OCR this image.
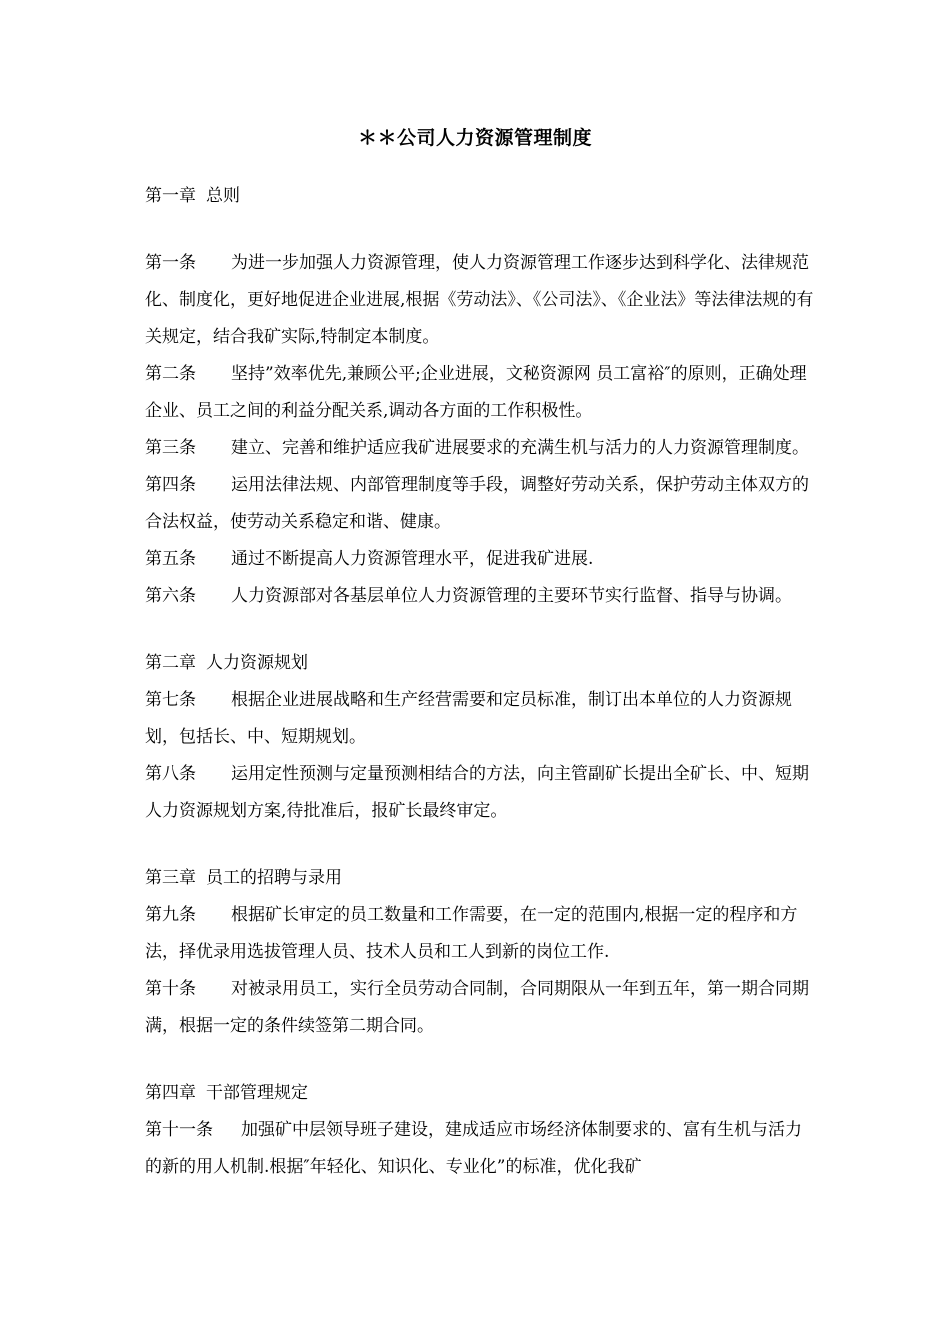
＊＊公司人力资源管理制度
第一章 总则
第一条 为进一步加强人力资源管理，使人力资源管理工作逐步达到科学化、法律规范化、制度化，更好地促进企业进展,根据《劳动法》、《公司法》、《企业法》等法律法规的有关规定，结合我矿实际,特制定本制度。
第二条 坚持”效率优先,兼顾公平;企业进展，文秘资源网 员工富裕″的原则，正确处理企业、员工之间的利益分配关系,调动各方面的工作积极性。
第三条 建立、完善和维护适应我矿进展要求的充满生机与活力的人力资源管理制度。
第四条 运用法律法规、内部管理制度等手段，调整好劳动关系，保护劳动主体双方的合法权益，使劳动关系稳定和谐、健康。
第五条 通过不断提高人力资源管理水平，促进我矿进展.
第六条 人力资源部对各基层单位人力资源管理的主要环节实行监督、指导与协调。
第二章 人力资源规划
第七条 根据企业进展战略和生产经营需要和定员标准，制订出本单位的人力资源规划，包括长、中、短期规划。
第八条 运用定性预测与定量预测相结合的方法，向主管副矿长提出全矿长、中、短期人力资源规划方案,待批准后，报矿长最终审定。
第三章 员工的招聘与录用
第九条 根据矿长审定的员工数量和工作需要，在一定的范围内,根据一定的程序和方法，择优录用选拔管理人员、技术人员和工人到新的岗位工作.
第十条 对被录用员工，实行全员劳动合同制，合同期限从一年到五年，第一期合同期满，根据一定的条件续签第二期合同。
第四章 干部管理规定
第十一条 加强矿中层领导班子建设，建成适应市场经济体制要求的、富有生机与活力的新的用人机制.根据″年轻化、知识化、专业化”的标准，优化我矿
